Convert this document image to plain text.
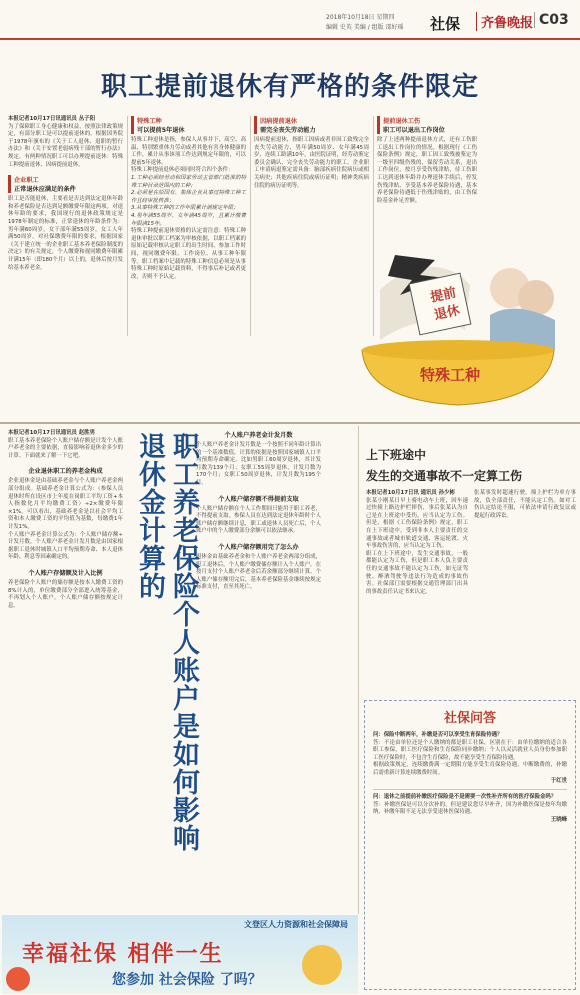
2018年10月18日 星期四
编辑 史英 美编 / 组版 邵好瑶 社保	齐鲁晚报 C03
职工提前退休有严格的条件限定
本报记者10月17日讯通讯员 丛子阳
为了保障职工身心健康和权益，按照法律政策规定，有部分职工是可以提前退休的。根据国务院于1978年颁布的《关于工人退休、退职的暂行办法》和《关于安置老弱病残干部的暂行办法》规定，有两种情况职工可以办理提前退休：特殊工种提前退休、因病提前退休。
企业职工
正常退休应满足的条件
职工是否能退休，主要看是否达到法定退休年龄和养老保险是否达到足额缴费年限这两项。对退休年龄的要求，我国现行的退休政策规定是1978年制定的标准，正常退休的年龄条件为：男年满60周岁，女干部年满55周岁，女工人年满50周岁。对社保缴费年限的要求，根据国家《关于建立统一的企业职工基本养老保险制度的决定》的有关规定，个人缴费和视同缴费年限累计满15年（即180个月）以上的，退休后按月发给基本养老金。
特殊工种
可以提前5年退休
特殊工种退休是指，参保人从事井下、高空、高温、特别繁重体力劳动或者其他有害身体健康的工作，累计从事该项工作达到规定年限的，可以提前5年退休。
特殊工种提前退休必须同时符合四个条件：
1.工种必须经劳动和国家劳动主管部门批准的特殊工种目录范围内的工种；
2.必须是在原国有、集体企业从事过特殊工种工作且经审批核准；
3.从事特殊工种的工作年限累计满规定年限；
4.男年满55周岁、女年满45周岁，且累计缴费年限满15年。
特殊工种提前退休资格的认定需注意：特殊工种退休审批以职工档案为审核依据，以职工档案的原始记载审核认定职工的出生时间、参加工作时间，视同缴费年限、工作岗位、从事工种年限等。职工档案中记载的特殊工种信息必须是从事特殊工种时原始记载资料，不得事后补记或者更改，否则不予认定。
因病提前退休
需完全丧失劳动能力
因病提前退休，指职工因病或者非因工致残完全丧失劳动能力，男年满50周岁、女年满45周岁，连续工龄满10年，由医院证明，经劳动鉴定委员会确认，完全丧失劳动能力的职工。企业职工申请病退鉴定需具备：脑部疾病住院病历或相关病史；其他疾病住院或病历证明；精神类疾病住院的病历证明等。
提前退休工伤
职工可以退出工作岗位
除了上述两种提前退休方式，还有工伤职工退出工作岗位的情况。根据现行《工伤保险条例》规定，职工因工致残被鉴定为一级至四级伤残的，保留劳动关系，退出工作岗位，按月享受伤残津贴，待工伤职工达到退休年龄并办理退休手续后，停发伤残津贴，享受基本养老保险待遇，基本养老保险待遇低于伤残津贴的，由工伤保险基金补足差额。
提前
退休
特殊工种
本报记者10月17日讯通讯员 赵胜男
职工基本养老保险个人账户储存额是计发个人账户养老金的主要依据，直接影响着退休金多少的计算。下面就来了解一下它吧。
企业退休职工的养老金构成
企业退休金是由基础养老金与个人账户养老金两部分组成。基础养老金计算公式为：（参保人员退休时所在设区市上年度在岗职工平均工资+本人指数化月平均缴费工资）÷2×缴费年限×1%。可以看出，基础养老金是以社会平均工资和本人缴费工资的平均值为基数，每缴费1年计发1%。
个人账户养老金计算公式为：个人账户储存额÷计发月数。个人账户养老金计发月数是由国家根据职工退休时城镇人口平均预期寿命、本人退休年龄、利息等因素确定的。
个人账户存储额及计入比例
养老保险个人账户的储存额是按本人缴费工资的8%计入的，单位缴费部分全部进入统筹基金，不再划入个人账户。个人账户储存额按规定计息。	职工养老保险个人账户是如何影响退休金计算的	个人账户养老金计发月数
个人账户养老金计发月数是一个按照不同年龄计算出的一个基准数值，计算的依据是按照国家城镇人口平均预期寿命确定。比如男职工60周岁退休，其计发月数为139个月；女职工55周岁退休，计发月数为170个月；女职工50周岁退休，计发月数为195个月。
个人账户储存额不得提前支取
个人账户储存额在个人工作期间只能用于职工养老，不得提前支取。参保人员在达到法定退休年龄时个人账户储存额继续计息，职工或退休人员死亡后，个人账户中的个人缴费部分余额可以依法继承。
个人账户储存额用完了怎么办
退休金由基础养老金和个人账户养老金两部分组成，职工退休后，个人账户缴费储存额计入个人账户，在按月支付个人账户养老金后若余额部分继续计算，个人账户储存额用完后，基本养老保险基金继续按规定标准支付，直至其死亡。
上下班途中
发生的交通事故不一定算工伤
本报记者10月17日讯 通讯员 孙少彬
张某小刚某日早上骑电动车上班，因车速过快撞上路边护栏摔伤，事后张某认为自己是在上班途中受伤，应当认定为工伤。但是，根据《工伤保险条例》规定，职工在上下班途中，受到非本人主要责任的交通事故或者城市轨道交通、客运轮渡、火车事故伤害的，应当认定为工伤。
职工在上下班途中，发生交通事故，一般都能认定为工伤，但是职工本人负主要责任的交通事故不能认定为工伤，如无证驾驶、醉酒驾驶等违法行为造成的事故伤害。社保部门需要根据交通管理部门出具的事故责任认定书来认定。
张某事发时超速行驶，撞上护栏为单方事故，负全部责任，不能认定工伤。如对工伤认定结论不服，可依法申请行政复议或提起行政诉讼。
社保问答
问：保险中断两年，补缴是否可以享受生育保险待遇？
答：不论由单位还是个人缴纳的都是职工社保，区别在于：由单位缴纳的适合各职工参保，职工医疗保险和生育保险同步缴纳；个人以灵活就业人员身份参加职工医疗保险时，不包含生育保险，故不能享受生育保险待遇。
根据政策规定，连续缴费满一定期限方能享受生育保险待遇，中断缴费的，补缴后需重新计算连续缴费时间。
于红世
问：退休之前提前补缴医疗保险是不是需要一次性补齐所有的医疗保险金吗？
答：补缴医保是可以分次补的，但是建议您尽早补齐，因为补缴医保是按年均缴纳，补缴年限不足无法享受退休医保待遇。
王晓峰
文登区人力资源和社会保障局
幸福社保 相伴一生
您参加 社会保险 了吗？
